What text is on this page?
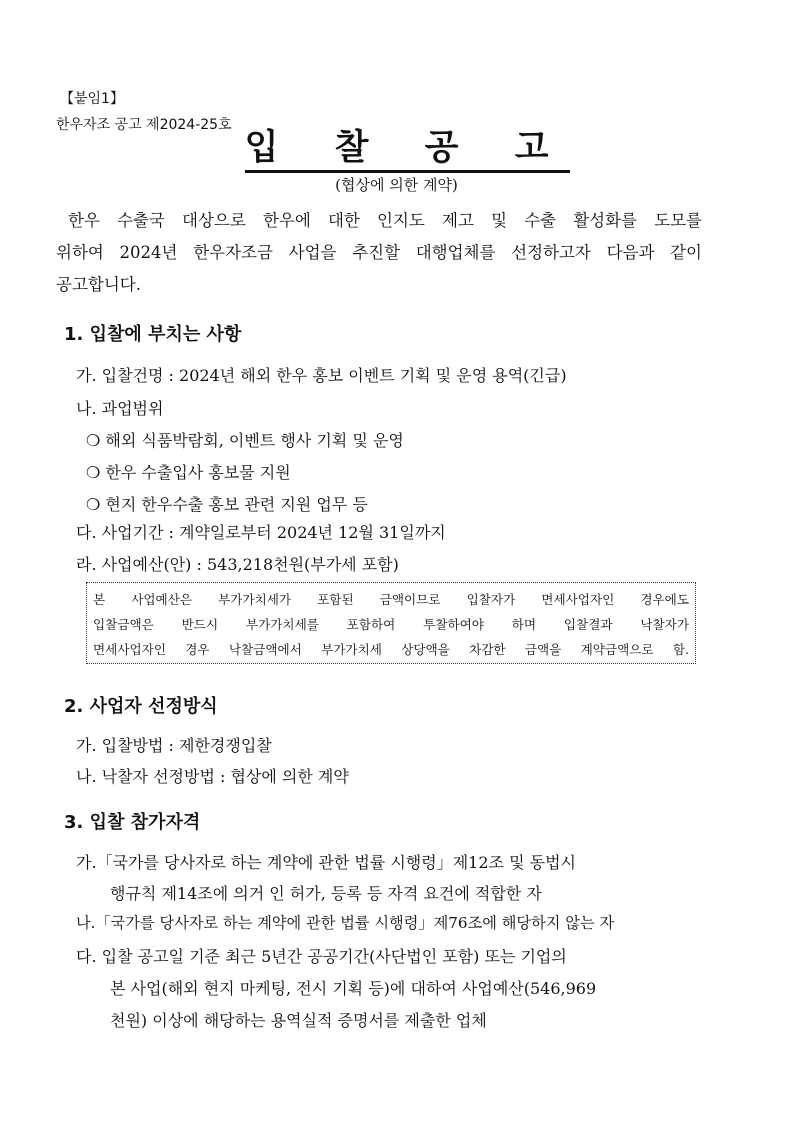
【붙임1】
한우자조 공고 제2024-25호
입 찰 공 고
(협상에 의한 계약)
한우 수출국 대상으로 한우에 대한 인지도 제고 및 수출 활성화를 도모를
위하여 2024년 한우자조금 사업을 추진할 대행업체를 선정하고자 다음과 같이
공고합니다.
1. 입찰에 부치는 사항
가. 입찰건명 : 2024년 해외 한우 홍보 이벤트 기획 및 운영 용역(긴급)
나. 과업범위
❍ 해외 식품박람회, 이벤트 행사 기획 및 운영
❍ 한우 수출입사 홍보물 지원
❍ 현지 한우수출 홍보 관련 지원 업무 등
다. 사업기간 : 계약일로부터 2024년 12월 31일까지
라. 사업예산(안) : 543,218천원(부가세 포함)
본 사업예산은 부가가치세가 포함된 금액이므로 입찰자가 면세사업자인 경우에도
입찰금액은 반드시 부가가치세를 포함하여 투찰하여야 하며 입찰결과 낙찰자가
면세사업자인 경우 낙찰금액에서 부가가치세 상당액을 차감한 금액을 계약금액으로 함.
2. 사업자 선정방식
가. 입찰방법 : 제한경쟁입찰
나. 낙찰자 선정방법 : 협상에 의한 계약
3. 입찰 참가자격
가.「국가를 당사자로 하는 계약에 관한 법률 시행령」제12조 및 동법시
행규칙 제14조에 의거 인 허가, 등록 등 자격 요건에 적합한 자
나.「국가를 당사자로 하는 계약에 관한 법률 시행령」제76조에 해당하지 않는 자
다. 입찰 공고일 기준 최근 5년간 공공기간(사단법인 포함) 또는 기업의
본 사업(해외 현지 마케팅, 전시 기획 등)에 대하여 사업예산(546,969
천원) 이상에 해당하는 용역실적 증명서를 제출한 업체
